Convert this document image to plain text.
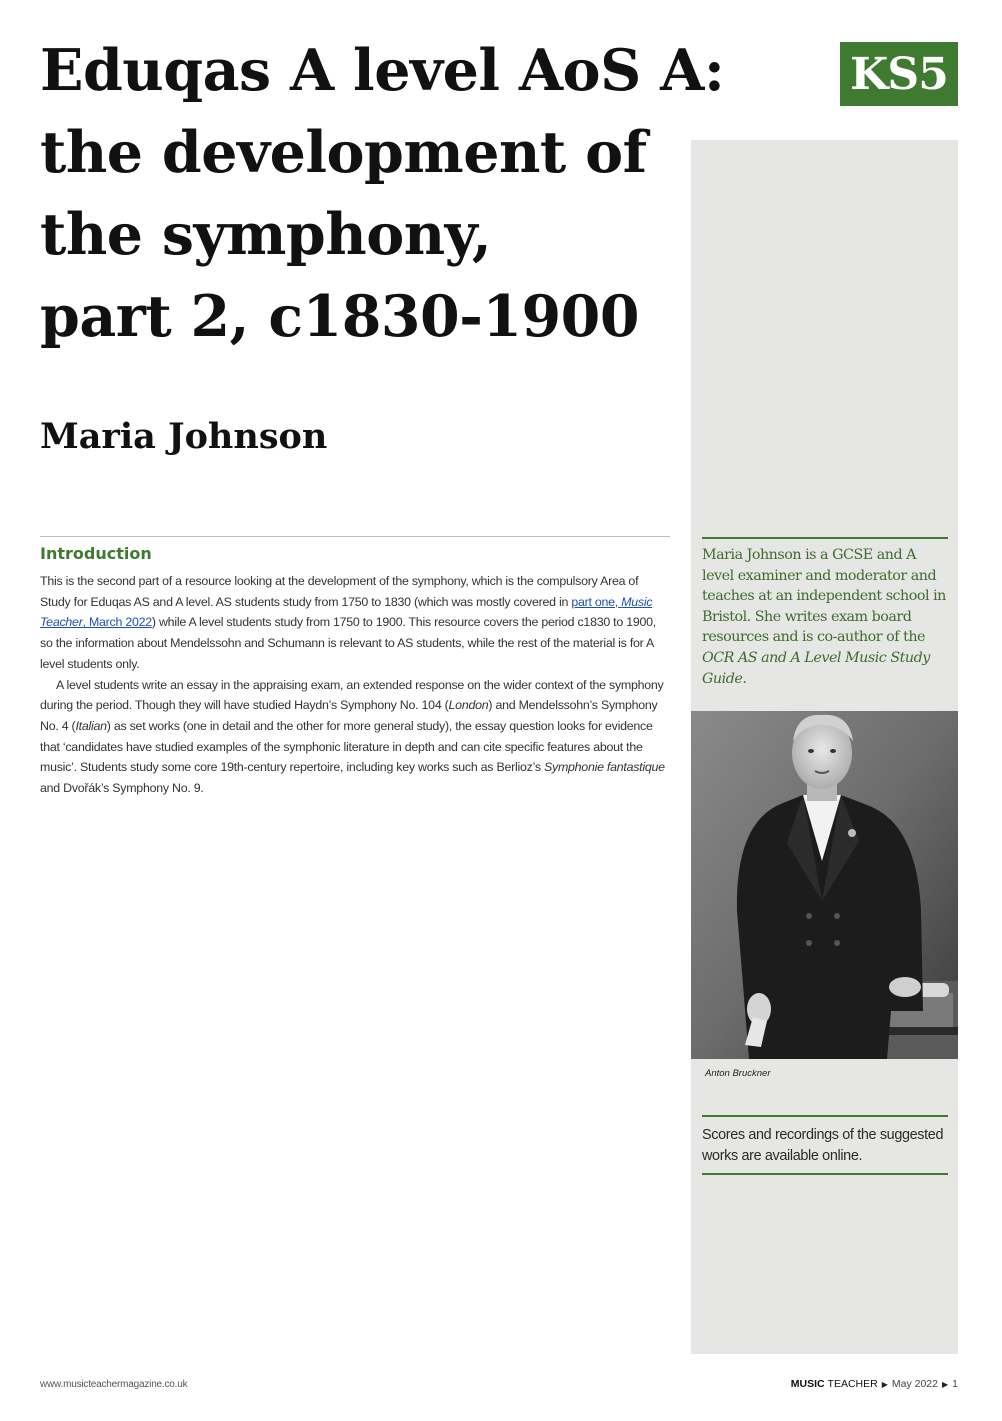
KS5
Eduqas A level AoS A:
the development of
the symphony,
part 2, c1830-1900
Maria Johnson
Introduction

This is the second part of a resource looking at the development of the symphony, which is the compulsory Area of Study for Eduqas AS and A level. AS students study from 1750 to 1830 (which was mostly covered in part one, Music Teacher, March 2022) while A level students study from 1750 to 1900. This resource covers the period c1830 to 1900, so the information about Mendelssohn and Schumann is relevant to AS students, while the rest of the material is for A level students only.

A level students write an essay in the appraising exam, an extended response on the wider context of the symphony during the period. Though they will have studied Haydn’s Symphony No. 104 (London) and Mendelssohn’s Symphony No. 4 (Italian) as set works (one in detail and the other for more general study), the essay question looks for evidence that ‘candidates have studied examples of the symphonic literature in depth and can cite specific features about the music’. Students study some core 19th-century repertoire, including key works such as Berlioz’s Symphonie fantastique and Dvořák’s Symphony No. 9.

Maria Johnson is a GCSE and A level examiner and moderator and teaches at an independent school in Bristol. She writes exam board resources and is co-author of the OCR AS and A Level Music Study Guide.
Anton Bruckner
Scores and recordings of the suggested works are available online.
www.musicteachermagazine.co.uk	MUSIC TEACHER ▶ May 2022 ▶ 1
